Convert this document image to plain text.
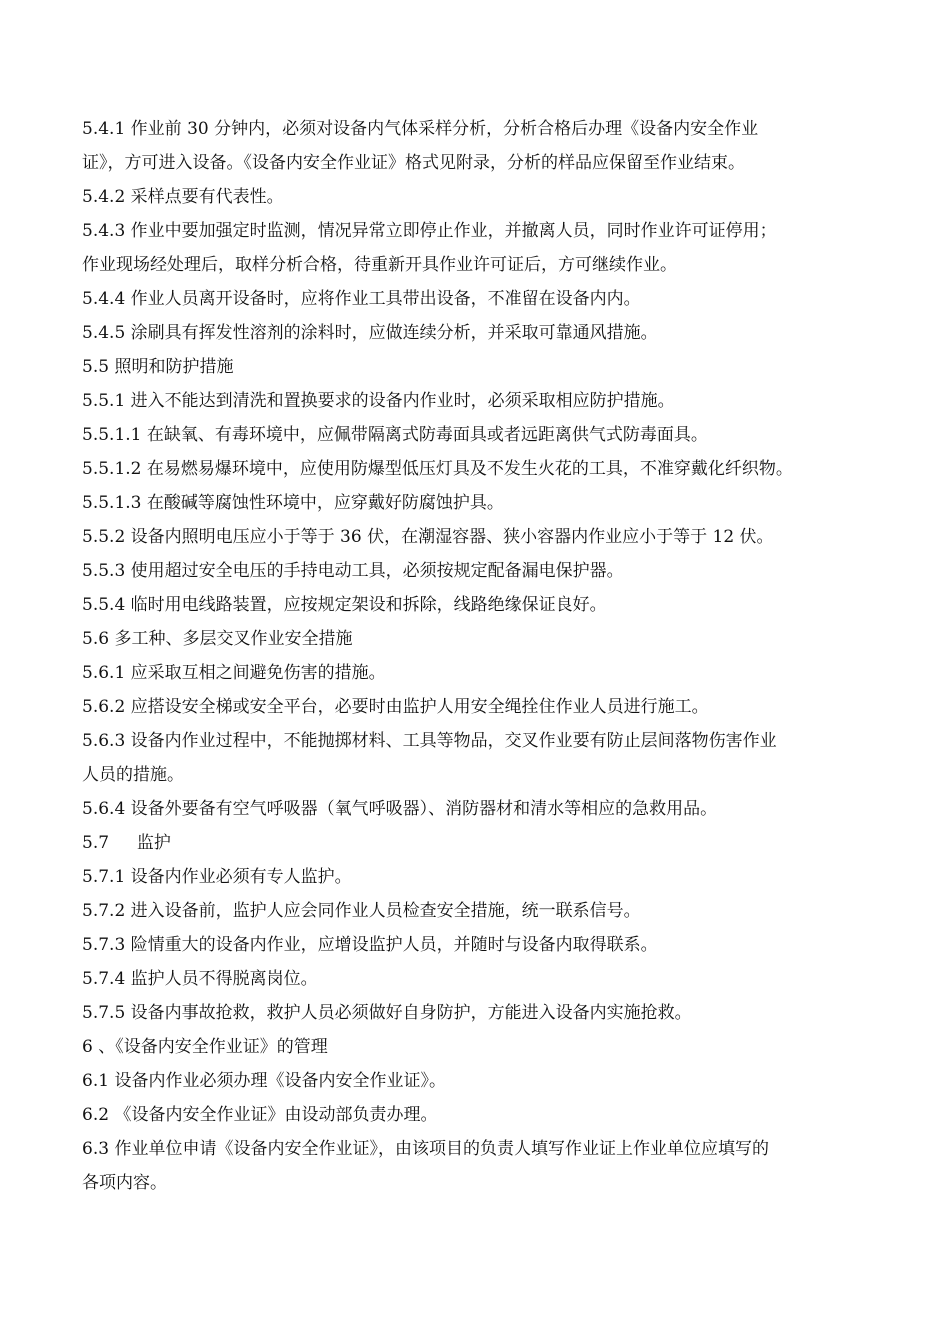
5.4.1 作业前 30 分钟内，必须对设备内气体采样分析，分析合格后办理《设备内安全作业
证》，方可进入设备。《设备内安全作业证》格式见附录，分析的样品应保留至作业结束。
5.4.2 采样点要有代表性。
5.4.3 作业中要加强定时监测，情况异常立即停止作业，并撤离人员，同时作业许可证停用；
作业现场经处理后，取样分析合格，待重新开具作业许可证后，方可继续作业。
5.4.4 作业人员离开设备时，应将作业工具带出设备，不准留在设备内内。
5.4.5 涂刷具有挥发性溶剂的涂料时，应做连续分析，并采取可靠通风措施。
5.5 照明和防护措施
5.5.1 进入不能达到清洗和置换要求的设备内作业时，必须采取相应防护措施。
5.5.1.1 在缺氧、有毒环境中，应佩带隔离式防毒面具或者远距离供气式防毒面具。
5.5.1.2 在易燃易爆环境中，应使用防爆型低压灯具及不发生火花的工具，不准穿戴化纤织物。
5.5.1.3 在酸碱等腐蚀性环境中，应穿戴好防腐蚀护具。
5.5.2 设备内照明电压应小于等于 36 伏，在潮湿容器、狭小容器内作业应小于等于 12 伏。
5.5.3 使用超过安全电压的手持电动工具，必须按规定配备漏电保护器。
5.5.4 临时用电线路装置，应按规定架设和拆除，线路绝缘保证良好。
5.6 多工种、多层交叉作业安全措施
5.6.1 应采取互相之间避免伤害的措施。
5.6.2 应搭设安全梯或安全平台，必要时由监护人用安全绳拴住作业人员进行施工。
5.6.3 设备内作业过程中，不能抛掷材料、工具等物品，交叉作业要有防止层间落物伤害作业
人员的措施。
5.6.4 设备外要备有空气呼吸器（氧气呼吸器）、消防器材和清水等相应的急救用品。
5.7 　 监护
5.7.1 设备内作业必须有专人监护。
5.7.2 进入设备前，监护人应会同作业人员检查安全措施，统一联系信号。
5.7.3 险情重大的设备内作业，应增设监护人员，并随时与设备内取得联系。
5.7.4 监护人员不得脱离岗位。
5.7.5 设备内事故抢救，救护人员必须做好自身防护，方能进入设备内实施抢救。
6 、《设备内安全作业证》的管理
6.1 设备内作业必须办理《设备内安全作业证》。
6.2 《设备内安全作业证》由设动部负责办理。
6.3 作业单位申请《设备内安全作业证》，由该项目的负责人填写作业证上作业单位应填写的
各项内容。
